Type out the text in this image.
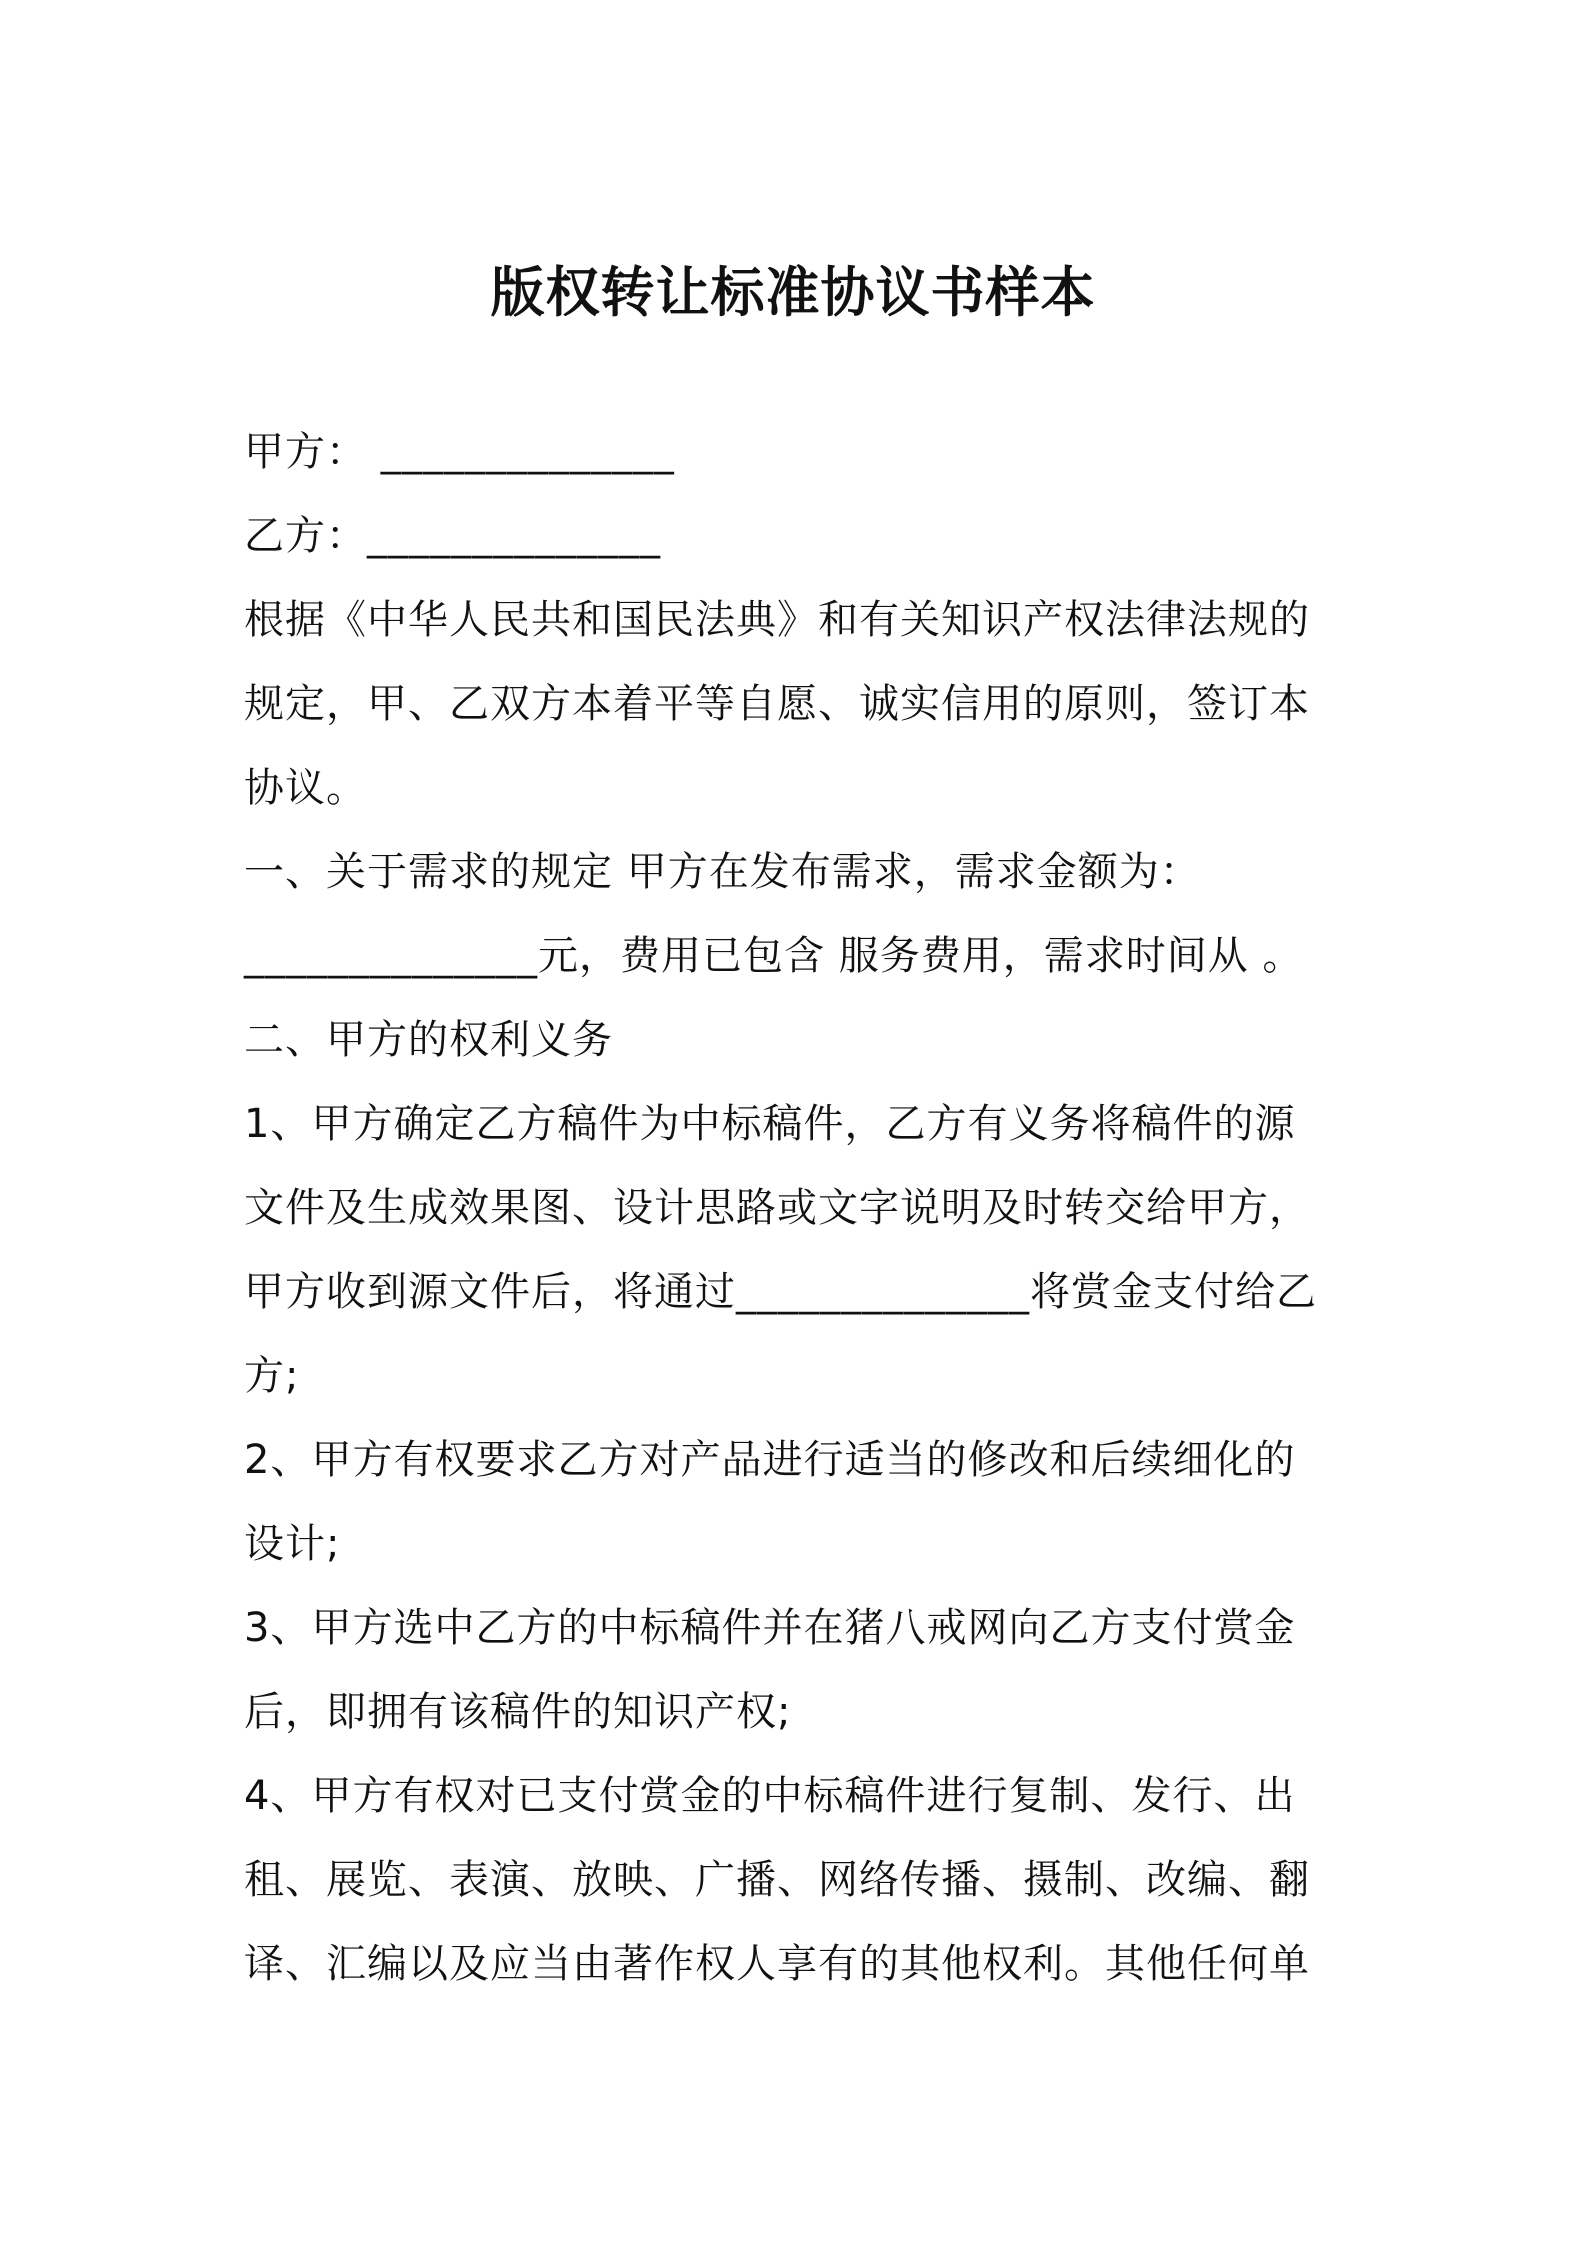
版权转让标准协议书样本
甲方： ______________
乙方：______________
根据《中华人民共和国民法典》和有关知识产权法律法规的
规定，甲、乙双方本着平等自愿、诚实信用的原则，签订本
协议。
一、关于需求的规定 甲方在发布需求，需求金额为：
______________元，费用已包含 服务费用，需求时间从 。
二、甲方的权利义务
1、甲方确定乙方稿件为中标稿件，乙方有义务将稿件的源
文件及生成效果图、设计思路或文字说明及时转交给甲方，
甲方收到源文件后，将通过______________将赏金支付给乙
方;
2、甲方有权要求乙方对产品进行适当的修改和后续细化的
设计;
3、甲方选中乙方的中标稿件并在猪八戒网向乙方支付赏金
后，即拥有该稿件的知识产权;
4、甲方有权对已支付赏金的中标稿件进行复制、发行、出
租、展览、表演、放映、广播、网络传播、摄制、改编、翻
译、汇编以及应当由著作权人享有的其他权利。其他任何单
